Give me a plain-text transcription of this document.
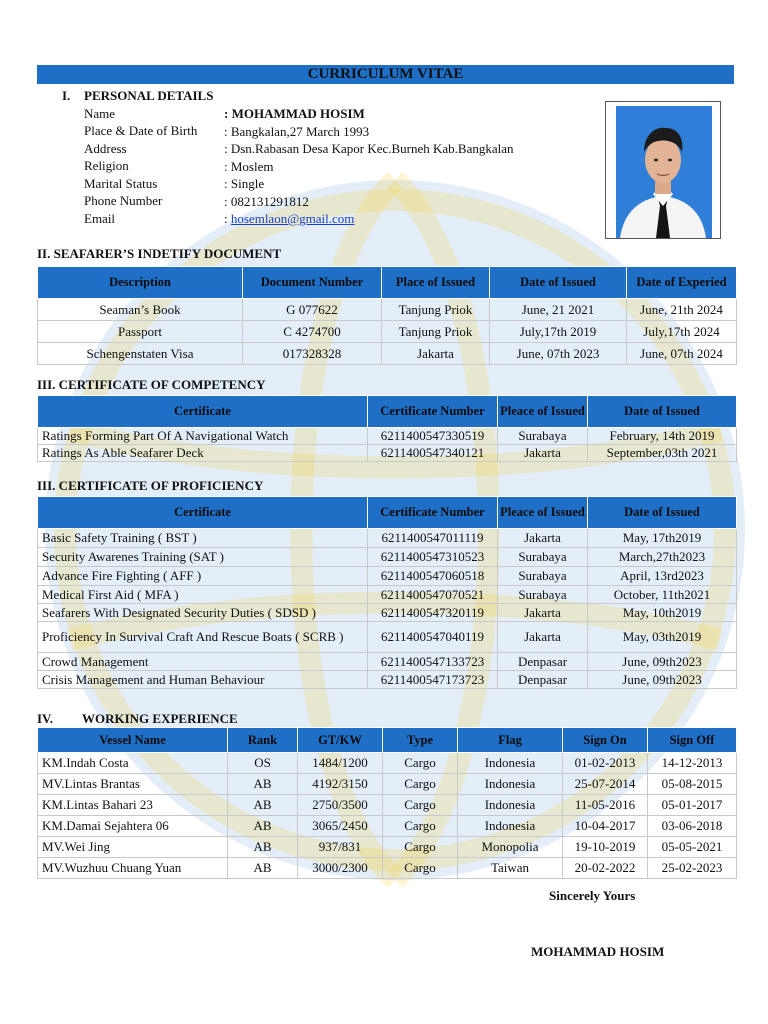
CURRICULUM VITAE
I. PERSONAL DETAILS
Name	: MOHAMMAD HOSIM
Place & Date of Birth : Bangkalan,27 March 1993
Address	: Dsn.Rabasan Desa Kapor Kec.Burneh Kab.Bangkalan
Religion	: Moslem
Marital Status	: Single
Phone Number	: 082131291812
Email	: hosemlaon@gmail.com
II. SEAFARER’S INDETIFY DOCUMENT
Description	Document Number	Place of Issued	Date of Issued	Date of Experied
Seaman’s Book	G 077622	Tanjung Priok	June, 21 2021	June, 21th 2024
Passport	C 4274700	Tanjung Priok	July,17th 2019	July,17th 2024
Schengenstaten Visa	017328328	Jakarta	June, 07th 2023	June, 07th 2024
III. CERTIFICATE OF COMPETENCY
Certificate	Certificate Number	Pleace of Issued	Date of Issued
Ratings Forming Part Of A Navigational Watch	6211400547330519	Surabaya	February, 14th 2019
Ratings As Able Seafarer Deck	6211400547340121	Jakarta	September,03th 2021
III. CERTIFICATE OF PROFICIENCY
Certificate	Certificate Number	Pleace of Issued	Date of Issued
Basic Safety Training ( BST )	6211400547011119	Jakarta	May, 17th2019
Security Awarenes Training (SAT )	6211400547310523	Surabaya	March,27th2023
Advance Fire Fighting ( AFF )	6211400547060518	Surabaya	April, 13rd2023
Medical First Aid ( MFA )	6211400547070521	Surabaya	October, 11th2021
Seafarers With Designated Security Duties ( SDSD )	6211400547320119	Jakarta	May, 10th2019
Proficiency In Survival Craft And Rescue Boats ( SCRB )	6211400547040119	Jakarta	May, 03th2019
Crowd Management	6211400547133723	Denpasar	June, 09th2023
Crisis Management and Human Behaviour	6211400547173723	Denpasar	June, 09th2023
IV. WORKING EXPERIENCE
Vessel Name	Rank	GT/KW	Type	Flag	Sign On	Sign Off
KM.Indah Costa	OS	1484/1200	Cargo	Indonesia	01-02-2013	14-12-2013
MV.Lintas Brantas	AB	4192/3150	Cargo	Indonesia	25-07-2014	05-08-2015
KM.Lintas Bahari 23	AB	2750/3500	Cargo	Indonesia	11-05-2016	05-01-2017
KM.Damai Sejahtera 06	AB	3065/2450	Cargo	Indonesia	10-04-2017	03-06-2018
MV.Wei Jing	AB	937/831	Cargo	Monopolia	19-10-2019	05-05-2021
MV.Wuzhuu Chuang Yuan	AB	3000/2300	Cargo	Taiwan	20-02-2022	25-02-2023
Sincerely Yours
MOHAMMAD HOSIM
